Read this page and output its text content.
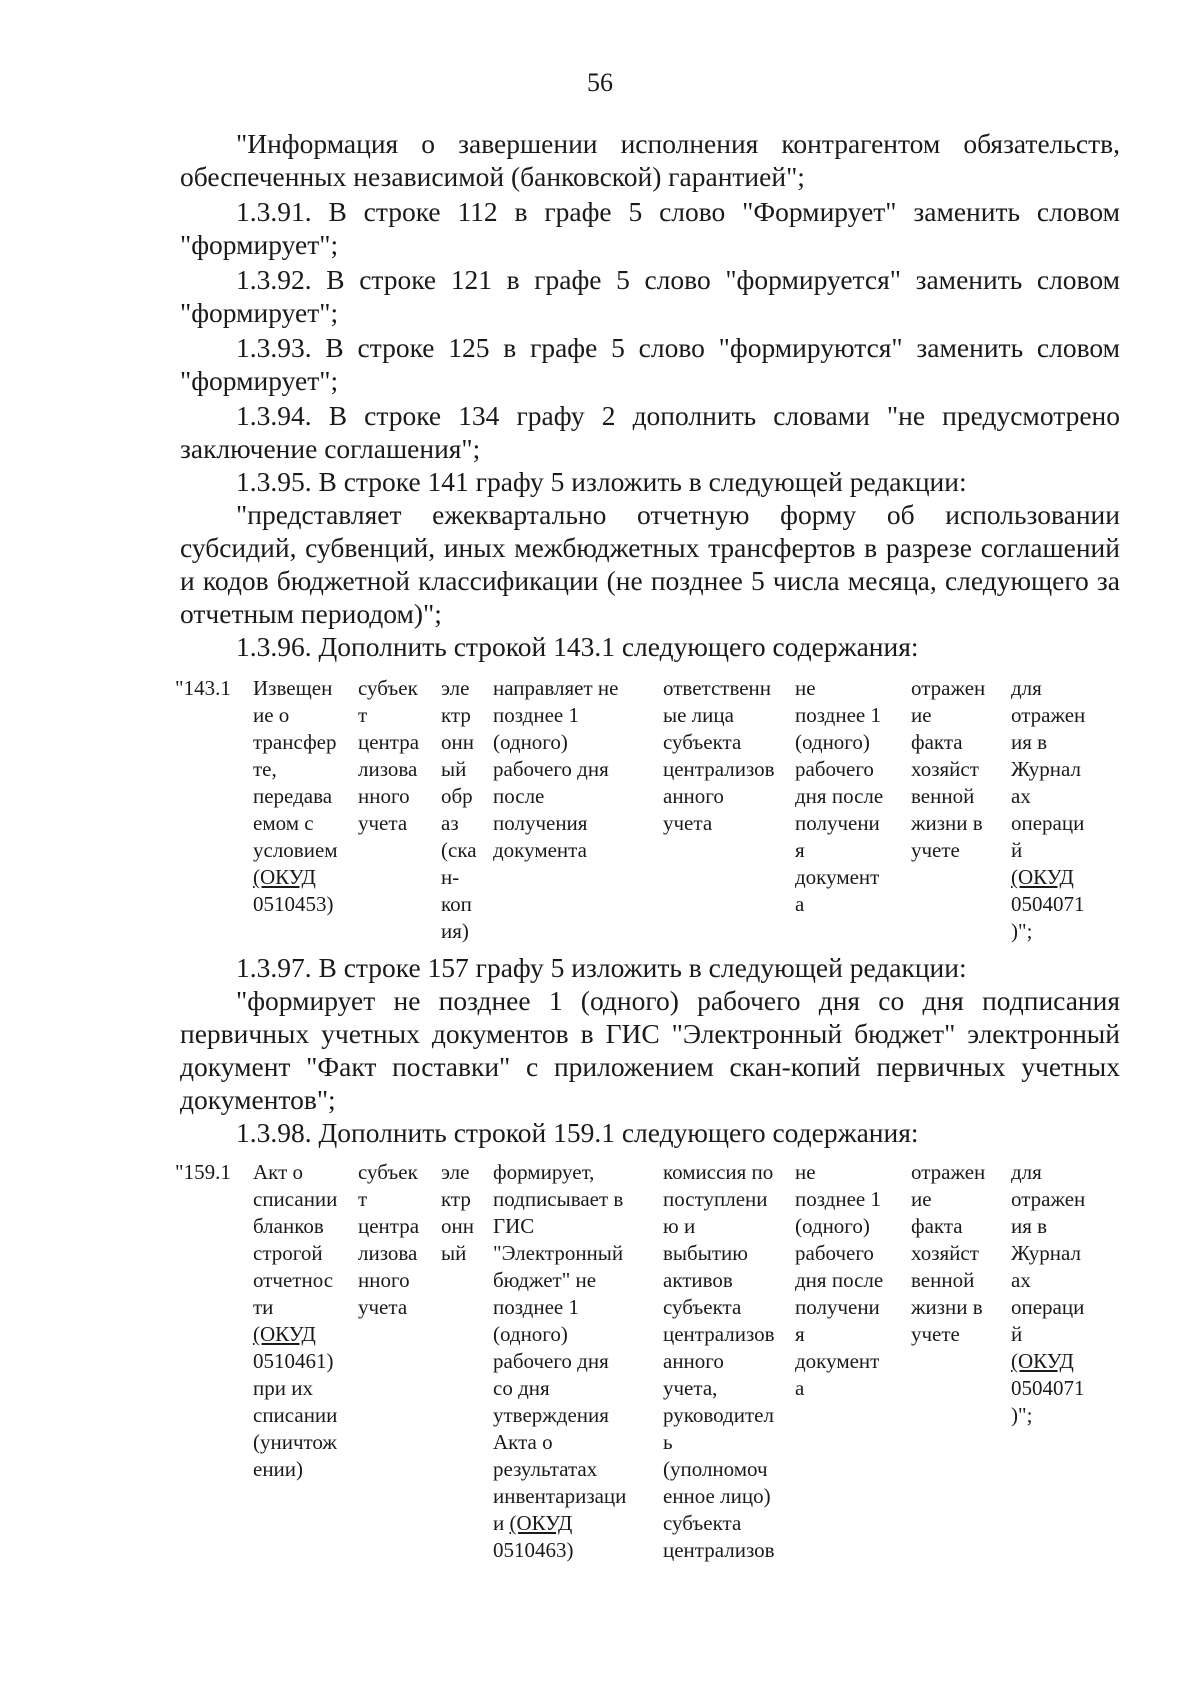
56

"Информация о завершении исполнения контрагентом обязательств, обеспеченных независимой (банковской) гарантией";

1.3.91. В строке 112 в графе 5 слово "Формирует" заменить словом "формирует";

1.3.92. В строке 121 в графе 5 слово "формируется" заменить словом "формирует";

1.3.93. В строке 125 в графе 5 слово "формируются" заменить словом "формирует";

1.3.94. В строке 134 графу 2 дополнить словами "не предусмотрено заключение соглашения";

1.3.95. В строке 141 графу 5 изложить в следующей редакции:

"представляет ежеквартально отчетную форму об использовании субсидий, субвенций, иных межбюджетных трансфертов в разрезе соглашений и кодов бюджетной классификации (не позднее 5 числа месяца, следующего за отчетным периодом)";

1.3.96. Дополнить строкой 143.1 следующего содержания:

"143.1 Извещен
ие о
трансфер
те,
передава
емом с
условием
(ОКУД
0510453)
субъек
т
центра
лизова
нного
учета
эле
ктр
онн
ый
обр
аз
(ска
н-
коп
ия)
направляет не
позднее 1
(одного)
рабочего дня
после
получения
документа
ответственн
ые лица
субъекта
централизов
анного
учета
не
позднее 1
(одного)
рабочего
дня после
получени
я
документ
а
отражен
ие
факта
хозяйст
венной
жизни в
учете
для
отражен
ия в
Журнал
ах
операци
й
(ОКУД
0504071
)";

1.3.97. В строке 157 графу 5 изложить в следующей редакции:

"формирует не позднее 1 (одного) рабочего дня со дня подписания первичных учетных документов в ГИС "Электронный бюджет" электронный документ "Факт поставки" с приложением скан-копий первичных учетных документов";

1.3.98. Дополнить строкой 159.1 следующего содержания:

"159.1 Акт о
списании
бланков
строгой
отчетнос
ти
(ОКУД
0510461)
при их
списании
(уничтож
ении)
субъек
т
центра
лизова
нного
учета
эле
ктр
онн
ый
формирует,
подписывает в
ГИС
"Электронный
бюджет" не
позднее 1
(одного)
рабочего дня
со дня
утверждения
Акта о
результатах
инвентаризаци
и (ОКУД
0510463)
комиссия по
поступлени
ю и
выбытию
активов
субъекта
централизов
анного
учета,
руководител
ь
(уполномоч
енное лицо)
субъекта
централизов
не
позднее 1
(одного)
рабочего
дня после
получени
я
документ
а
отражен
ие
факта
хозяйст
венной
жизни в
учете
для
отражен
ия в
Журнал
ах
операци
й
(ОКУД
0504071
)";
